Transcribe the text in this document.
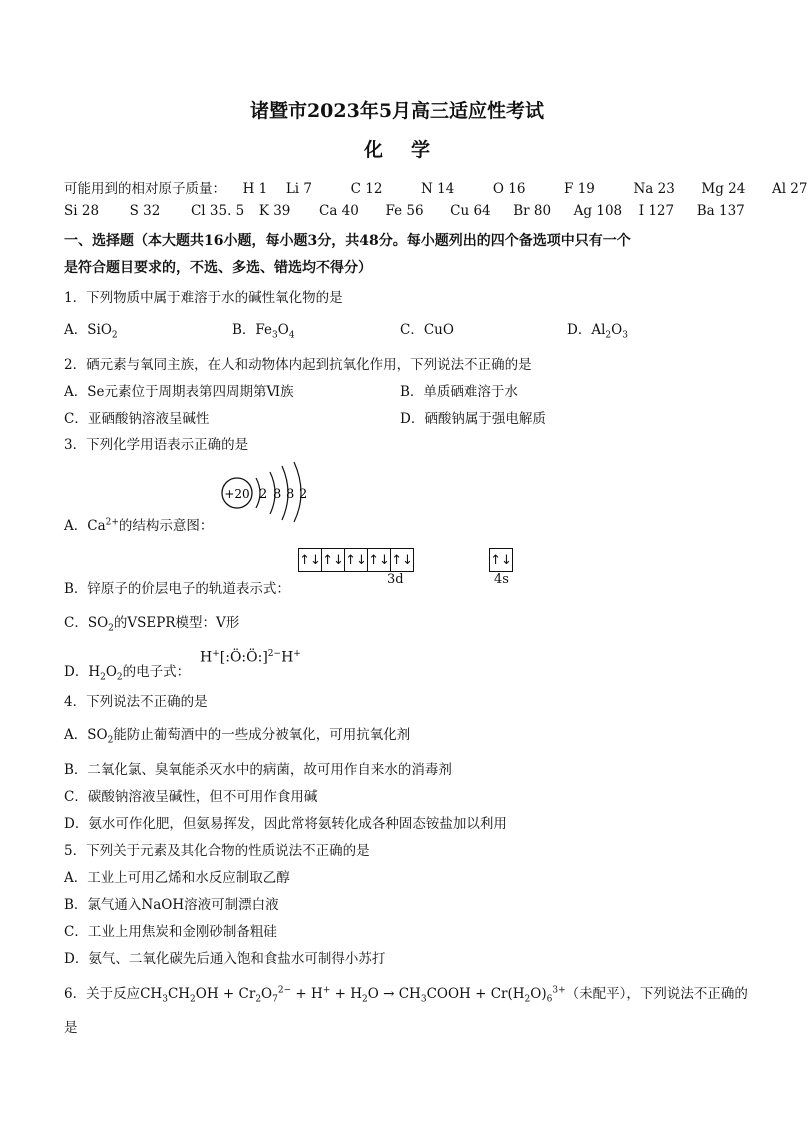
诸暨市2023年5月高三适应性考试
化学
可能用到的相对原子质量： H 1 Li 7	C 12	N 14	O 16	F 19	Na 23 Mg 24 Al 27
Si 28 S 32 Cl 35. 5 K 39 Ca 40 Fe 56 Cu 64 Br 80 Ag 108 I 127 Ba 137
一、选择题（本大题共16小题，每小题3分，共48分。每小题列出的四个备选项中只有一个
是符合题目要求的，不选、多选、错选均不得分）
1．下列物质中属于难溶于水的碱性氧化物的是
A．SiO$_2$	B．$Fe_3O_4$	C．CuO	D．$Al_2O_3$
2．硒元素与氧同主族，在人和动物体内起到抗氧化作用，下列说法不正确的是
A．Se元素位于周期表第四周期第Ⅵ族	B．单质硒难溶于水
C．亚硒酸钠溶液呈碱性	D．硒酸钠属于强电解质
3．下列化学用语表示正确的是
+20 2 8 8 2
A．$Ca^{2+}$的结构示意图：
↑↓ ↑↓ ↑↓ ↑↓ ↑↓	↑↓
3d	4s
B．锌原子的价层电子的轨道表示式：
C．$SO_2$的VSEPR模型：V形
H+[:Ö:Ö:]$^{2-}$H+
D．$H_2O_2$的电子式：
4．下列说法不正确的是
A．$SO_2$能防止葡萄酒中的一些成分被氧化，可用抗氧化剂
B．二氧化氯、臭氧能杀灭水中的病菌，故可用作自来水的消毒剂
C．碳酸钠溶液呈碱性，但不可用作食用碱
D．氨水可作化肥，但氨易挥发，因此常将氨转化成各种固态铵盐加以利用
5．下列关于元素及其化合物的性质说法不正确的是
A．工业上可用乙烯和水反应制取乙醇
B．氯气通入NaOH溶液可制漂白液
C．工业上用焦炭和金刚砂制备粗硅
D．氨气、二氧化碳先后通入饱和食盐水可制得小苏打
6．关于反应$CH_3CH_2OH + Cr_2O_7^{2-} + H^+ + H_2O$ → $CH_3COOH + Cr(H_2O)_6^{3+}$（未配平），下列说法不正确的
是
